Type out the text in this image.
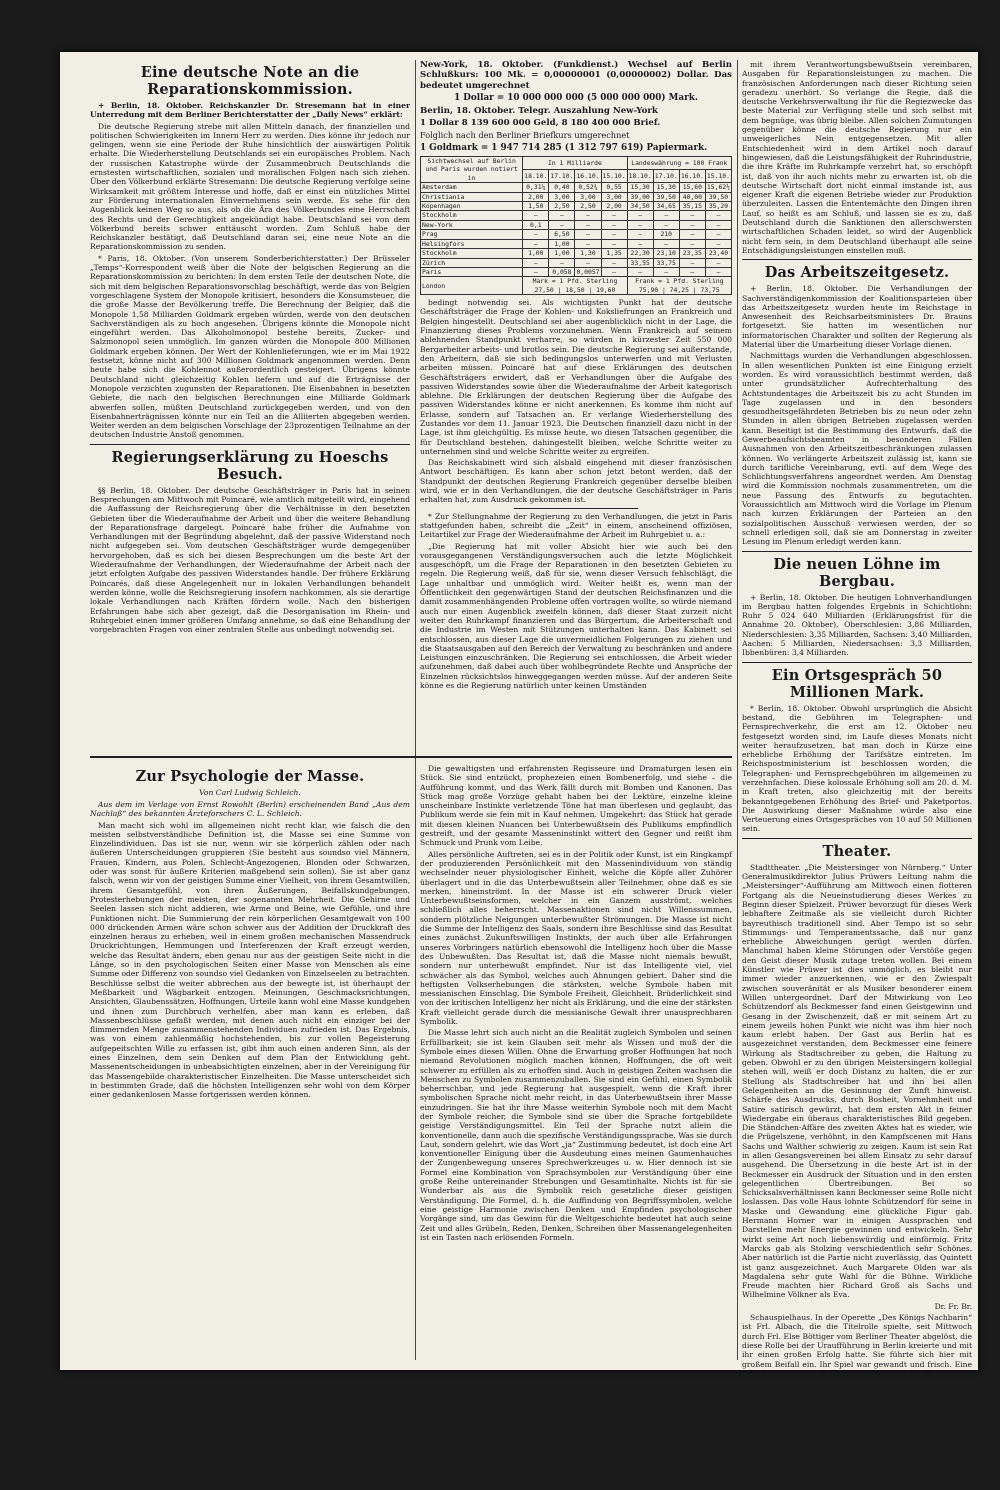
Eine deutsche Note an die Reparationskommission.

+ Berlin, 18. Oktober. Reichskanzler Dr. Stresemann hat in einer Unterredung mit dem Berliner Berichterstatter der „Daily News“ erklärt:

Die deutsche Regierung strebe mit allen Mitteln danach, der finanziellen und politischen Schwierigkeiten im Innern Herr zu werden. Dies könne ihr jedoch nur gelingen, wenn sie eine Periode der Ruhe hinsichtlich der auswärtigen Politik erhalte. Die Wiederherstellung Deutschlands sei ein europäisches Problem. Nach der russischen Katastrophe würde der Zusammenbruch Deutschlands die ernstesten wirtschaftlichen, sozialen und moralischen Folgen nach sich ziehen. Über den Völkerbund erklärte Stresemann: Die deutsche Regierung verfolge seine Wirksamkeit mit größtem Interesse und hoffe, daß er einst ein nützliches Mittel zur Förderung internationalen Einvernehmens sein werde. Es sehe für den Augenblick keinen Weg so aus, als ob die Ära des Völkerbundes eine Herrschaft des Rechts und der Gerechtigkeit angekündigt habe. Deutschland sei von dem Völkerbund bereits schwer enttäuscht worden. Zum Schluß habe der Reichskanzler bestätigt, daß Deutschland daran sei, eine neue Note an die Reparationskommission zu senden.

* Paris, 18. Oktober. (Von unserem Sonderberichterstatter.) Der Brüsseler „Temps“-Korrespondent weiß über die Note der belgischen Regierung an die Reparationskommission zu berichten: In dem ersten Teile der deutschen Note, die sich mit dem belgischen Reparationsvorschlag beschäftigt, werde das von Belgien vorgeschlagene System der Monopole kritisiert, besonders die Konsumsteuer, die die große Masse der Bevölkerung treffe. Die Berechnung der Belgier, daß die Monopole 1,58 Milliarden Goldmark ergeben würden, werde von den deutschen Sachverständigen als zu hoch angesehen. Übrigens könnte die Monopole nicht eingeführt werden. Das Alkoholmonopol bestehe bereits, Zucker- und Salzmonopol seien unmöglich. Im ganzen würden die Monopole 800 Millionen Goldmark ergeben können. Der Wert der Kohlenlieferungen, wie er im Mai 1922 festsetzt, könne nicht auf 300 Millionen Goldmark angenommen werden. Denn heute habe sich die Kohlennot außerordentlich gesteigert. Übrigens könnte Deutschland nicht gleichzeitig Kohlen liefern und auf die Erträgnisse der Monopole verzichten zugunsten der Reparationen. Die Eisenbahnen in besetzten Gebiete, die nach den belgischen Berechnungen eine Milliarde Goldmark abwerfen sollen, müßten Deutschland zurückgegeben werden, und von den Eisenbahnerträgnissen könnte nur ein Teil an die Alliierten abgegeben werden. Weiter werden an dem belgischen Vorschlage der 23prozentigen Teilnahme an der deutschen Industrie Anstoß genommen.

Regierungserklärung zu Hoeschs Besuch.

§§ Berlin, 18. Oktober. Der deutsche Geschäftsträger in Paris hat in seinen Besprechungen am Mittwoch mit Poincaré, wie amtlich mitgeteilt wird, eingehend die Auffassung der Reichsregierung über die Verhältnisse in den besetzten Gebieten über die Wiederaufnahme der Arbeit und über die weitere Behandlung der Reparationsfrage dargelegt. Poincaré habe früher die Aufnahme von Verhandlungen mit der Begründung abgelehnt, daß der passive Widerstand noch nicht aufgegeben sei. Vom deutschen Geschäftsträger wurde demgegenüber hervorgehoben, daß es sich bei diesen Besprechungen um die beste Art der Wiederaufnahme der Verhandlungen, der Wiederaufnahme der Arbeit nach der jetzt erfolgten Aufgabe des passiven Widerstandes handle. Der frühere Erklärung Poincarés, daß diese Angelegenheit nur in lokalen Verhandlungen behandelt werden könne, wolle die Reichsregierung insofern nachkommen, als sie derartige lokale Verhandlungen nach Kräften fördern wolle. Nach den bisherigen Erfahrungen habe sich aber gezeigt, daß die Desorganisation im Rhein- und Ruhrgebiet einen immer größeren Umfang annehme, so daß eine Behandlung der vorgebrachten Fragen von einer zentralen Stelle aus unbedingt notwendig sei.

New-York, 18. Oktober. (Funkdienst.) Wechsel auf Berlin Schlußkurs: 100 Mk. = 0,00000001 (0,00000002) Dollar. Das bedeutet umgerechnet

1 Dollar = 10 000 000 000 (5 000 000 000) Mark.

Berlin, 18. Oktober. Telegr. Auszahlung New-York

1 Dollar 8 139 600 000 Geld, 8 180 400 000 Brief.

Folglich nach den Berliner Briefkurs umgerechnet

1 Goldmark = 1 947 714 285 (1 312 797 619) Papiermark.

Sichtwechsel auf Berlin und Paris wurden notiert in	In 1 Milliarde				Landeswährung = 100 Frank			
	18.10.	17.10.	16.10.	15.10.	18.10.	17.10.	16.10.	15.10.
Amsterdam	0,31¼	0,40	0,52¾	0,55	15,30	15,30	15,60	15,62½
Christiania	2,00	3,00	3,00	3,00	39,00	39,50	40,00	39,50
Kopenhagen	1,50	2,50	2,50	2,00	34,50	34,65	35,15	35,20
Stockholm	–	–	–	–	–	–	–	–
New-York	0,1	–	–	–	–	–	–	–
Prag	–	6,50	–	–	–	210	–	–
Helsingfors	–	1,00	–	–	–	–	–	–
Stockholm	1,00	1,00	1,30	1,35	22,30	23,10	23,35	23,40
Zürich	–	–	–	–	33,55	33,75	–	–
Paris	–	0,058	0,0057	–	–	–	–	–
London	Mark = 1 Pfd. Sterling
27,50 | 18,50 | 19,60				Frank = 1 Pfd. Sterling
75,90 | 74,25 | 73,75			

bedingt notwendig sei. Als wichtigsten Punkt hat der deutsche Geschäftsträger die Frage der Kohlen- und Koksliefrungen an Frankreich und Belgien hingestellt. Deutschland sei aber augenblicklich nicht in der Lage, die Finanzierung dieses Problems vorzunehmen. Wenn Frankreich auf seinem ablehnenden Standpunkt verharre, so würden in kürzester Zeit 550 000 Bergarbeiter arbeits- und brotlos sein. Die deutsche Regierung sei außerstande, den Arbeitern, daß sie sich bedingungslos unterwerfen und mit Verlusten arbeiten müssen. Poincaré hat auf diese Erklärungen des deutschen Geschäftsträgers erwidert, daß er Verhandlungen über die Aufgabe des passiven Widerstandes sowie über die Wiederaufnahme der Arbeit kategorisch ablehne. Die Erklärungen der deutschen Regierung über die Aufgabe des passiven Widerstandes könne er nicht anerkennen. Es komme ihm nicht auf Erlasse, sondern auf Tatsachen an. Er verlange Wiederherstellung des Zustandes vor dem 11. Januar 1923. Die Deutschen finanziell dazu nicht in der Lage, ist ihm gleichgültig. Es müsse heute, wo diesen Tatsachen gegenüber, die für Deutschland bestehen, dahingestellt bleiben, welche Schritte weiter zu unternehmen sind und welche Schritte weiter zu ergreifen.

Das Reichskabinett wird sich alsbald eingehend mit dieser französischen Antwort beschäftigen. Es kann aber schon jetzt betont werden, daß der Standpunkt der deutschen Regierung Frankreich gegenüber derselbe bleiben wird, wie er in den Verhandlungen, die der deutsche Geschäftsträger in Paris erhalten hat, zum Ausdruck gekommen ist.

* Zur Stellungnahme der Regierung zu den Verhandlungen, die jetzt in Paris stattgefunden haben, schreibt die „Zeit“ in einem, anscheinend offiziösen, Leitartikel zur Frage der Wiederaufnahme der Arbeit im Ruhrgebiet u. a.:

„Die Regierung hat mit voller Absicht hier wie auch bei den vorausgegangenen Verständigungsversuchen auch die letzte Möglichkeit ausgeschöpft, um die Frage der Reparationen in den besetzten Gebieten zu regeln. Die Regierung weiß, daß für sie, wenn dieser Versuch fehlschlägt, die Lage unhaltbar und unmöglich wird. Weiter heißt es, wenn man der Öffentlichkeit den gegenwärtigen Stand der deutschen Reichsfinanzen und die damit zusammenhängenden Probleme offen vortragen wollte, so würde niemand auch nur einen Augenblick zweifeln können, daß dieser Staat zurzeit nicht weiter den Ruhrkampf finanzieren und das Bürgertum, die Arbeiterschaft und die Industrie im Westen mit Stützungen unterhalten kann. Das Kabinett sei entschlossen, aus dieser Lage die unvermeidlichen Folgerungen zu ziehen und die Staatsausgaben auf den Bereich der Verwaltung zu beschränken und andere Leistungen einzuschränken. Die Regierung sei entschlossen, die Arbeit wieder aufzunehmen, daß dabei auch über wohlbegründete Rechte und Ansprüche der Einzelnen rücksichtslos hinweggegangen werden müsse. Auf der anderen Seite könne es die Regierung natürlich unter keinen Umständen

mit ihrem Verantwortungsbewußtsein vereinbaren, Ausgaben für Reparationsleistungen zu machen. Die französischen Anforderungen nach dieser Richtung seien geradezu unerhört. So verlange die Regie, daß die deutsche Verkehrsverwaltung ihr für die Regiezwecke das beste Material zur Verfügung stelle und sich selbst mit dem begnüge, was übrig bleibe. Allen solchen Zumutungen gegenüber könne die deutsche Regierung nur ein unweigerliches Nein entgegensetzen. Mit aller Entschiedenheit wird in dem Artikel noch darauf hingewiesen, daß die Leistungsfähigkeit der Ruhrindustrie, die ihre Kräfte im Ruhrkampfe verzehrt hat, so erschöpft ist, daß von ihr auch nichts mehr zu erwarten ist, ob die deutsche Wirtschaft dort nicht einmal imstande ist, aus eigener Kraft die eigenen Betriebe wieder zur Produktion überzuleiten. Lassen die Ententemächte den Dingen ihren Lauf, so heißt es am Schluß, und lassen sie es zu, daß Deutschland durch die Sanktionen den allerschwersten wirtschaftlichen Schaden leidet, so wird der Augenblick nicht fern sein, in dem Deutschland überhaupt alle seine Entschädigungsleistungen einstellen muß.

Das Arbeitszeitgesetz.

+ Berlin, 18. Oktober. Die Verhandlungen der Sachverständigenkommission der Koalitionsparteien über das Arbeitszeitgesetz wurden heute im Reichstage in Anwesenheit des Reichsarbeitsministers Dr. Brauns fortgesetzt. Sie hatten im wesentlichen nur informatorischen Charakter und sollten der Regierung als Material über die Umarbeitung dieser Vorlage dienen.

Nachmittags wurden die Verhandlungen abgeschlossen. In allen wesentlichen Punkten ist eine Einigung erzielt worden. Es wird voraussichtlich bestimmt werden, daß unter grundsätzlicher Aufrechterhaltung des Achtstundentages die Arbeitszeit bis zu acht Stunden im Tage zugelassen und in den besonders gesundheitsgefährdeten Betrieben bis zu neun oder zehn Stunden in allen übrigen Betrieben zugelassen werden kann. Beseitigt ist die Bestimmung des Entwurfs, daß die Gewerbeaufsichtsbeamten in besonderen Fällen Ausnahmen von den Arbeitszeitbeschränkungen zulassen können. Wo verlängerte Arbeitszeit zulässig ist, kann sie durch tarifliche Vereinbarung, evtl. auf dem Wege des Schlichtungsverfahrens angeordnet werden. Am Dienstag wird die Kommission nochmals zusammentreten, um die neue Fassung des Entwurfs zu begutachten. Voraussichtlich am Mittwoch wird die Vorlage im Plenum nach kurzen Erklärungen der Parteien an den sozialpolitischen Ausschuß verwiesen werden, der so schnell erledigen soll, daß sie am Donnerstag in zweiter Lesung im Plenum erledigt werden kann.

Die neuen Löhne im Bergbau.

+ Berlin, 18. Oktober. Die heutigen Lohnverhandlungen im Bergbau hatten folgendes Ergebnis in Schichtlohn: Ruhr 5 024 640 Milliarden (Erklärungsfrist für die Annahme 20. Oktober), Oberschlesien: 3,86 Milliarden, Niederschlesien: 3,35 Milliarden, Sachsen: 3,40 Milliarden, Aachen: 5 Milliarden, Niedersachsen: 3,3 Milliarden, Ibbenbüren: 3,4 Milliarden.

Ein Ortsgespräch 50 Millionen Mark.

* Berlin, 18. Oktober. Obwohl ursprünglich die Absicht bestand, die Gebühren im Telegraphen- und Fernsprechverkehr, die erst am 12. Oktober neu festgesetzt worden sind, im Laufe dieses Monats nicht weiter heraufzusetzen, hat man doch in Kürze eine erhebliche Erhöhung der Tarifsätze eintreten. Im Reichspostministerium ist beschlossen worden, die Telegraphen- und Fernsprechgebühren im allgemeinen zu verzehnfachen. Diese kolossale Erhöhung soll am 20. d. M. in Kraft treten, also gleichzeitig mit der bereits bekanntgegebenen Erhöhung des Brief- und Paketportos. Die Auswirkung dieser Maßnahme würde also eine Verteuerung eines Ortsgespräches von 10 auf 50 Millionen sein.

Theater.

Stadttheater. „Die Meistersinger von Nürnberg.“ Unter Generalmusikdirektor Julius Prüwers Leitung nahm die „Meistersinger“-Aufführung am Mittwoch einen flotteren Fortgang als die Neueinstudierung dieses Werkes zu Beginn dieser Spielzeit. Prüwer bevorzugt für dieses Werk lebhaftere Zeitmaße als sie vielleicht durch Richter bayreuthisch traditionell sind. Aber Tempo ist so sehr Stimmungs- und Temperamentssache, daß nur ganz erhebliche Abweichungen gerügt werden dürfen. Manchmal haben kleine Störungen oder Verstöße gegen den Geist dieser Musik zutage treten wollen. Bei einem Künstler wie Prüwer ist dies unmöglich, es bleibt nur immer wieder anzuerkennen, wie er den Zwiespalt zwischen souveränität er als Musiker besonderer einem Willen untergeordnet. Darf der Mitwirkung von Leo Schützendorf als Beckmesser fand einen Geistgewinn und Gesang in der Zwischenzeit, daß er mit seinem Art zu einem jeweils hohen Punkt wie nicht was ihm hier noch kaum erlebt haben. Der Gast aus Berlin hat es ausgezeichnet verstanden, dem Beckmesser eine feinere Wirkung als Stadtschreiber zu geben, die Haltung zu geben. Obwohl er zu den übrigen Meistersingern kollegial stehen will, weiß er doch Distanz zu halten, die er zur Stellung als Stadtschreiber hat und ihn bei allen Gelegenheiten an die Gesinnung der Zunft hinweist. Schärfe des Ausdrucks, durch Bosheit, Vornehmheit und Satire satirisch gewürzt, hat dem ersten Akt in feiner Wiedergabe ein überaus charakteristisches Bild gegeben. Die Ständchen-Affäre des zweiten Aktes hat es wieder, wie die Prügelszene, verhöhnt, in den Kampfscenen mit Hans Sachs und Walther schwierig zu zeigen. Kaum ist sein Rat in allen Gesangsvereinen bei allem Einsatz zu sehr darauf ausgehend. Die Übersetzung in die beste Art ist in der Beckmesser ein Ausdruck der Situation und in den ersten gelegentlichen Übertreibungen. Bei so Schicksalsverhältnissen kann Beckmesser seine Rolle nicht loslassen. Das volle Haus lohnte Schützendorf für seine in Maske und Gewandung eine glückliche Figur gab. Hermann Horner war in einigen Aussprachen und Darstellen mehr Energie gewinnen und entwickeln. Sehr wirkt seine Art noch liebenswürdig und einförmig. Fritz Marcks gab als Stolzing verschiedentlich sehr Schönes. Aber natürlich ist die Partie nicht zuverlässig, das Quintett ist ganz ausgezeichnet. Auch Margarete Olden war als Magdalena sehr gute Wahl für die Bühne. Wirkliche Freude machten hier Richard Groß als Sachs und Wilhelmine Völkner als Eva.

Dr. Fr. Br.

Schauspielhaus. In der Operette „Des Königs Nachbarin“ ist Frl. Albach, die die Titelrolle spielte, seit Mittwoch durch Frl. Else Böttiger vom Berliner Theater abgelöst, die diese Rolle bei der Uraufführung in Berlin kreierte und mit ihr einen großen Erfolg hatte. Sie führte sich hier mit großem Beifall ein. Ihr Spiel war gewandt und frisch. Eine zierliche, anmutige Erscheinung, verfügt sie über eine nicht sonderlich große, aber ausreichende angenehme Stimme. Besonders erfreulich ist ihre natürliche Liebenswürdigkeit und spitzbübischen Schelmerei, daß man der Darstellung bei mundfertigen, persönlichen und lecken Rokokodämchens lauschen musste. Sie hatte denn auch schon in den ersten Szenen ihr Publikum völlig gewonnen. Viele Blumen wurden ihr an diesem Abend bei dem sehr gut besetzten Hause und schon vollem Erfolg, und das Terzett im ersten Akt, bei dem sie im Mittelpunkt steht, musste wiederholt werden. Mit dieser Neubesetzung wird die Operette auch weiter eine starke Anziehungskraft ausüben.

Zur Psychologie der Masse.
Von Carl Ludwig Schleich.

Aus dem im Verlage von Ernst Rowohlt (Berlin) erscheinenden Band „Aus dem Nachlaß“ des bekannten Ärzteforschers C. L. Schleich.

Man macht sich wohl im allgemeinen nicht recht klar, wie falsch die den meisten selbstverständliche Definition ist, die Masse sei eine Summe von Einzelindividuen. Das ist sie nur, wenn wir sie körperlich zählen oder nach äußeren Unterscheidungen gruppieren (Sie besteht aus soundso viel Männern, Frauen, Kindern, aus Polen, Schlecht-Angezogenen, Blonden oder Schwarzen, oder was sonst für äußere Kriterien maßgebend sein sollen). Sie ist aber ganz falsch, wenn wir von der geistigen Summe einer Vielheit, von ihrem Gesamtwillen, ihrem Gesamtgefühl, von ihren Äußerungen, Beifallskundgebungen, Protesterhebungen der meisten, der sogenannten Mehrheit. Die Gehirne und Seelen lassen sich nicht addieren, wie Arme und Beine, wie Gefühle, und ihre Funktionen nicht. Die Summierung der rein körperlichen Gesamtgewalt von 100 000 drückenden Armen wäre schon schwer aus der Addition der Druckkraft des einzelnen heraus zu erheben, weil in einem großen mechanischen Massendruck Druckrichtungen, Hemmungen und Interferenzen der Kraft erzeugt werden, welche das Resultat ändern, eben genau nur aus der geistigen Seite nicht in die Länge, so in den psychologischen Seiten einer Masse von Menschen als eine Summe oder Differenz von soundso viel Gedanken von Einzelseelen zu betrachten. Beschlüsse selbst die weiter abbrechen aus der bewegte ist, ist überhaupt der Meßbarkeit und Wägbarkeit entzogen. Meinungen, Geschmacksrichtungen, Ansichten, Glaubenssätzen, Hoffnungen, Urteile kann wohl eine Masse kundgeben und ihnen zum Durchbruch verhelfen, aber man kann es erleben, daß Massenbeschlüsse gefaßt werden, mit denen auch nicht ein einziger bei der flimmernden Menge zusammenstehenden Individuen zufrieden ist. Das Ergebnis, was von einem zahlenmäßig hochstehenden, bis zur vollen Begeisterung aufgepeitschten Wille zu erfassen ist, gibt ihm auch einen anderen Sinn, als der eines Einzelnen, dem sein Denken auf dem Plan der Entwicklung geht. Massenentscheidungen in unbeabsichtigten einzelnen, aber in der Vereinigung für das Massengebilde charakteristischer Einzelheiten. Die Masse unterscheidet sich in bestimmten Grade, daß die höchsten Intelligenzen sehr wohl von dem Körper einer gedankenlosen Masse fortgerissen werden können.

Die gewaltigsten und erfahrensten Regisseure und Dramaturgen lesen ein Stück. Sie sind entzückt, prophezeien einen Bombenerfolg, und siehe – die Aufführung kommt, und das Werk fällt durch mit Bomben und Kanonen. Das Stück mag große Vorzüge gehabt haben bei der Lektüre, einzelne kleine unscheinbare Instinkte verletzende Töne hat man überlesen und geglaubt, das Publikum werde sie fein mit in Kauf nehmen. Umgekehrt: das Stück hat gerade mit diesen kleinen Nuancen bei Unterbewußtsein des Publikums empfindlich gestreift, und der gesamte Masseninstinkt wittert den Gegner und reißt ihm Schmuck und Prunk vom Leibe.

Alles persönliche Auftreten, sei es in der Politik oder Kunst, ist ein Ringkampf der produzierenden Persönlichkeit mit den Massenindividuum von ständig wechselnder neuer physiologischer Einheit, welche die Köpfe aller Zuhörer überlagert und in die das Unterbewußtsein aller Teilnehmer, ohne daß es sie merken, hineinströmt. In der Masse ist ein schwerer Druck vieler Unterbewußtseinsformen, welcher in ein Ganzem ausströmt, welches schließlich alles beherrscht. Massenaktionen sind nicht Willenssummen, sondern plötzliche Neigungen unterbewußter Strömungen. Die Masse ist nicht die Summe der Intelligenz des Saals, sondern ihre Beschlüsse sind das Resultat eines zunächst Zukunftswilligen Instinkts, der auch über alle Erfahrungen unseres Vorbringers natürlich ebensowohl die Intelligenz hoch über die Masse des Unbewußten. Das Resultat ist, daß die Masse nicht niemals bewußt, sondern nur unterbewußt empfindet. Nur ist das Intelligente viel, viel schwächer als das Symbol, welches auch Ahnungen gebiert. Daher sind die heftigsten Volkserhebungen die stärksten, welche Symbole haben mit messianischen Einschlag. Die Symbole Freiheit, Gleichheit, Brüderlichkeit sind von der kritischen Intelligenz her nicht als Erklärung, und die eine der stärksten Kraft vielleicht gerade durch die messianische Gewalt ihrer unausprechbaren Symbolik.

Die Masse lehrt sich auch nicht an die Realität zugleich Symbolen und seinen Erfüllbarkeit; sie ist kein Glauben seit mehr als Wissen und muß der die Symbole eines diesen Willen. Ohne die Erwartung großer Hoffnungen hat noch niemand Revolutionen möglich machen können, Hoffnungen, die oft weit schwerer zu erfüllen als zu erhoffen sind. Auch in geistigen Zeiten wachsen die Menschen zu Symbolen zusammenzuballen. Sie sind ein Gefühl, einen Symbolik beherrschbar, und jede Regierung hat ausgespielt, wenn die Kraft ihrer symbolischen Sprache nicht mehr reicht, in das Unterbewußtsein ihrer Masse einzudringen. Sie hat ihr ihre Masse weiterhin Symbole noch mit dem Macht der Symbole reicher, die Symbole sind sie über die Sprache fortgebildete geistige Verständigungsmittel. Ein Teil der Sprache nutzt allein die konventionelle, dann auch die spezifische Verständigungssprache. Was sie durch Laut, sondern gelehrt, wie das Wort „ja“ Zustimmung bedeutet, ist doch eine Art konventioneller Einigung über die Ausdeutung eines meinen Gaumenhauches der Zungenbewegung unseres Sprechwerkzeuges u. w. Hier dennoch ist sie Formel eine Kombination von Sprachsymbolen zur Verständigung über eine große Reihe untereinander Strebungen und Gesamtinhalte. Nichts ist für sie Wunderbar als aus die Symbolik reich gesetzliche dieser geistigen Verständigung. Die Formel, d. h. die Auffindung von Begriffssymbolen, welche eine geistige Harmonie zwischen Denken und Empfinden psychologischer Vorgänge sind, um das Gewinn für die Weltgeschichte bedeutet hat auch seine Zeit und alles Grübeln, Reden, Denken, Schreiben über Massenangelegenheiten ist ein Tasten nach erlösenden Formeln.
